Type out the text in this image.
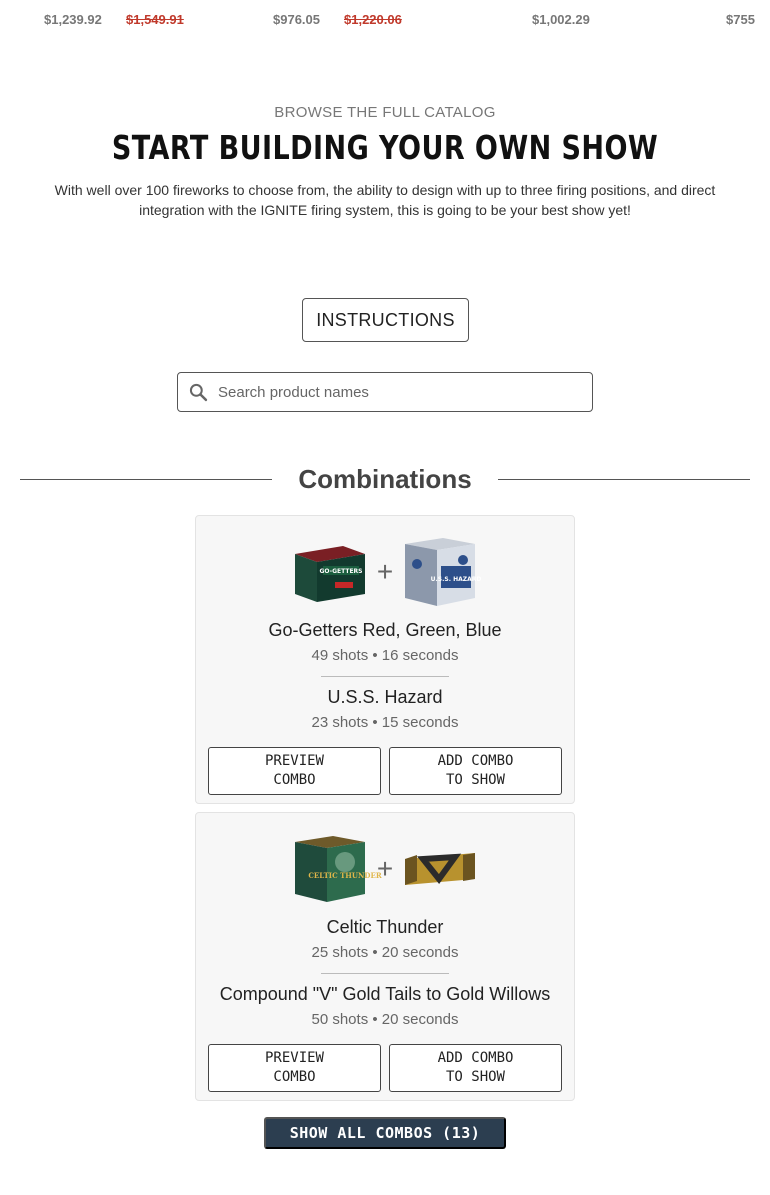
$1,239.92 $1,549.91	$976.05 $1,220.06	$1,002.29	$755
BROWSE THE FULL CATALOG
START BUILDING YOUR OWN SHOW
With well over 100 fireworks to choose from, the ability to design with up to three firing positions, and direct integration with the IGNITE firing system, this is going to be your best show yet!
INSTRUCTIONS
Search product names
Combinations
GO-GETTERS +	U.S.S. HAZARD
Go-Getters Red, Green, Blue
49 shots • 16 seconds
U.S.S. Hazard
23 shots • 15 seconds
PREVIEW COMBO
ADD COMBO TO SHOW
CELTIC THUNDER
+
Celtic Thunder
25 shots • 20 seconds
Compound "V" Gold Tails to Gold Willows
50 shots • 20 seconds
PREVIEW COMBO
ADD COMBO TO SHOW
SHOW ALL COMBOS (13)
